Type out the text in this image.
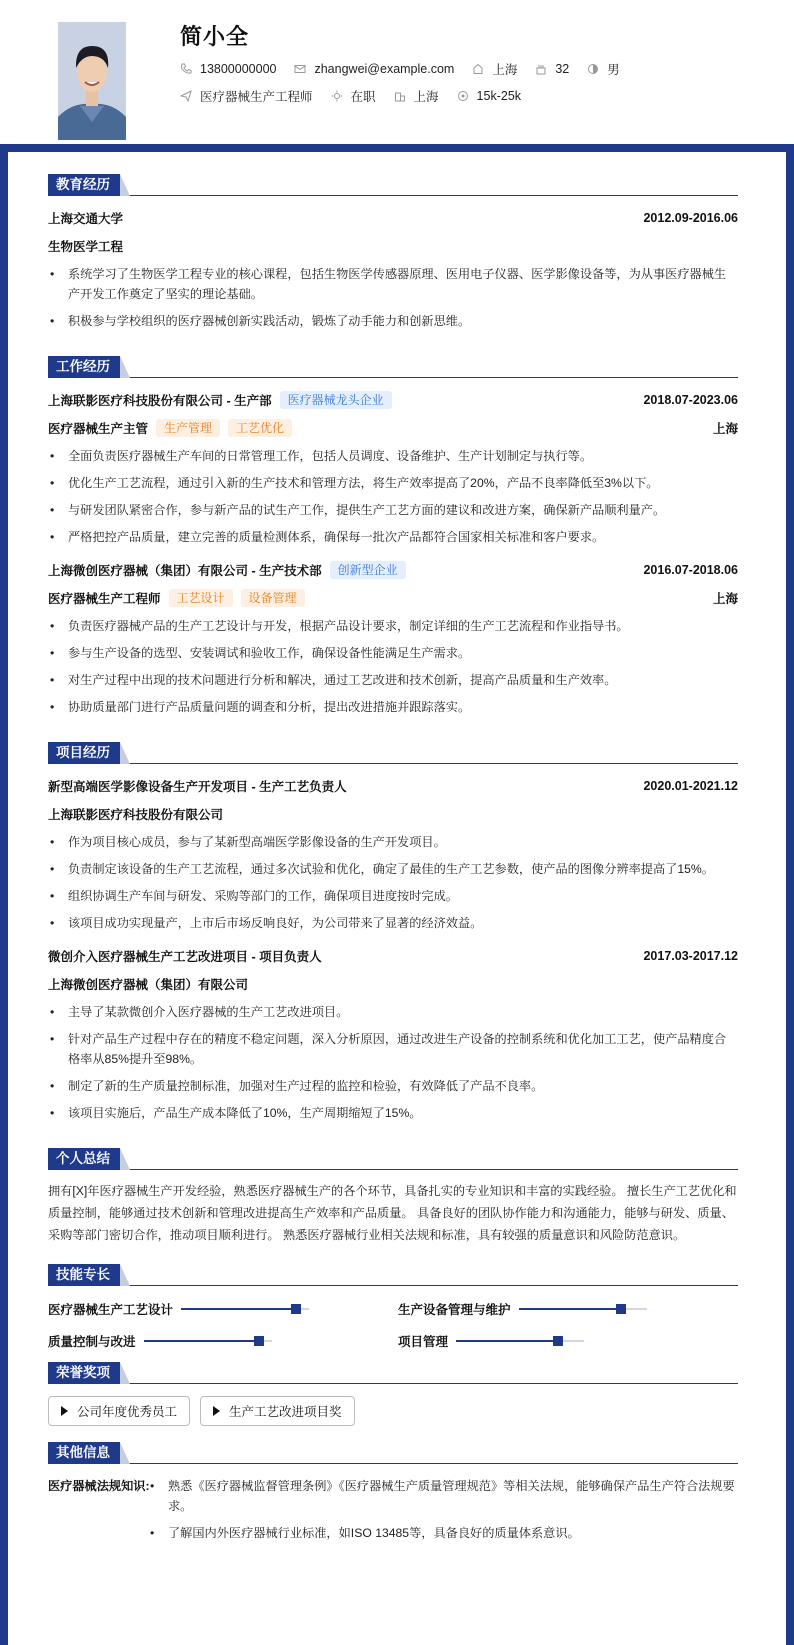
简小全
13800000000	zhangwei@example.com	上海	32	男
医疗器械生产工程师	在职	上海	15k-25k
教育经历
上海交通大学	2012.09-2016.06
生物医学工程
• 系统学习了生物医学工程专业的核心课程，包括生物医学传感器原理、医用电子仪器、医学影像设备等，为从事医疗器械生产开发工作奠定了坚实的理论基础。
• 积极参与学校组织的医疗器械创新实践活动，锻炼了动手能力和创新思维。
工作经历
上海联影医疗科技股份有限公司 - 生产部	医疗器械龙头企业	2018.07-2023.06
医疗器械生产主管	生产管理	工艺优化	上海
• 全面负责医疗器械生产车间的日常管理工作，包括人员调度、设备维护、生产计划制定与执行等。
• 优化生产工艺流程，通过引入新的生产技术和管理方法，将生产效率提高了20%，产品不良率降低至3%以下。
• 与研发团队紧密合作，参与新产品的试生产工作，提供生产工艺方面的建议和改进方案，确保新产品顺利量产。
• 严格把控产品质量，建立完善的质量检测体系，确保每一批次产品都符合国家相关标准和客户要求。
上海微创医疗器械（集团）有限公司 - 生产技术部	创新型企业	2016.07-2018.06
医疗器械生产工程师	工艺设计	设备管理	上海
• 负责医疗器械产品的生产工艺设计与开发，根据产品设计要求，制定详细的生产工艺流程和作业指导书。
• 参与生产设备的选型、安装调试和验收工作，确保设备性能满足生产需求。
• 对生产过程中出现的技术问题进行分析和解决，通过工艺改进和技术创新，提高产品质量和生产效率。
• 协助质量部门进行产品质量问题的调查和分析，提出改进措施并跟踪落实。
项目经历
新型高端医学影像设备生产开发项目 - 生产工艺负责人	2020.01-2021.12
上海联影医疗科技股份有限公司
• 作为项目核心成员，参与了某新型高端医学影像设备的生产开发项目。
• 负责制定该设备的生产工艺流程，通过多次试验和优化，确定了最佳的生产工艺参数，使产品的图像分辨率提高了15%。
• 组织协调生产车间与研发、采购等部门的工作，确保项目进度按时完成。
• 该项目成功实现量产，上市后市场反响良好，为公司带来了显著的经济效益。
微创介入医疗器械生产工艺改进项目 - 项目负责人	2017.03-2017.12
上海微创医疗器械（集团）有限公司
• 主导了某款微创介入医疗器械的生产工艺改进项目。
• 针对产品生产过程中存在的精度不稳定问题，深入分析原因，通过改进生产设备的控制系统和优化加工工艺，使产品精度合格率从85%提升至98%。
• 制定了新的生产质量控制标准，加强对生产过程的监控和检验，有效降低了产品不良率。
• 该项目实施后，产品生产成本降低了10%，生产周期缩短了15%。
个人总结
拥有[X]年医疗器械生产开发经验，熟悉医疗器械生产的各个环节，具备扎实的专业知识和丰富的实践经验。 擅长生产工艺优化和质量控制，能够通过技术创新和管理改进提高生产效率和产品质量。 具备良好的团队协作能力和沟通能力，能够与研发、质量、采购等部门密切合作，推动项目顺利进行。 熟悉医疗器械行业相关法规和标准，具有较强的质量意识和风险防范意识。
技能专长
医疗器械生产工艺设计	生产设备管理与维护
质量控制与改进	项目管理
荣誉奖项
公司年度优秀员工	生产工艺改进项目奖
其他信息
医疗器械法规知识:
•	熟悉《医疗器械监督管理条例》《医疗器械生产质量管理规范》等相关法规，能够确保产品生产符合法规要求。
• 了解国内外医疗器械行业标准，如ISO 13485等，具备良好的质量体系意识。
